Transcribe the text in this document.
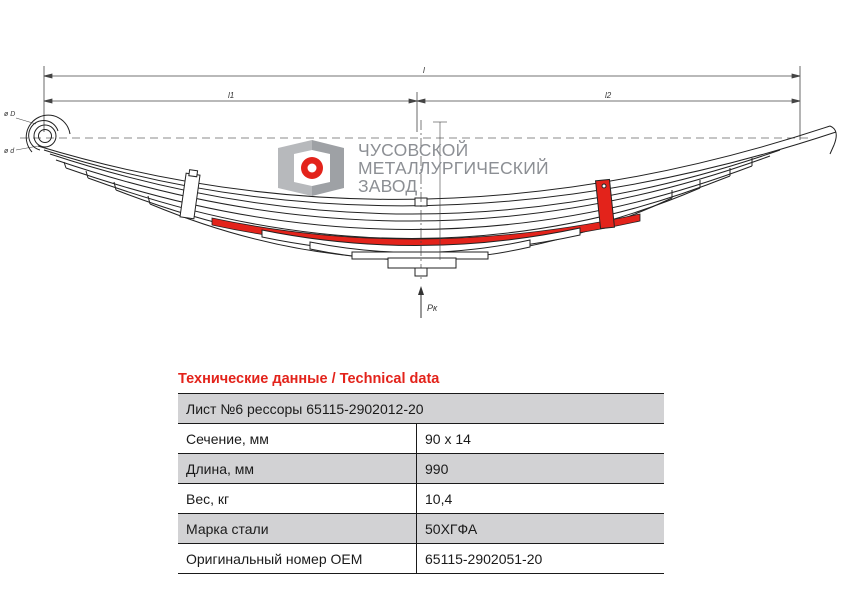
l
l1	l2
ø D
ø d
Рк
ЧУСОВСКОЙ
МЕТАЛЛУРГИЧЕСКИЙ
ЗАВОД
Технические данные / Technical data
Лист №6 рессоры 65115-2902012-20	
Сечение, мм	90 x 14
Длина, мм	990
Вес, кг	10,4
Марка стали	50ХГФА
Оригинальный номер OEM	65115-2902051-20
